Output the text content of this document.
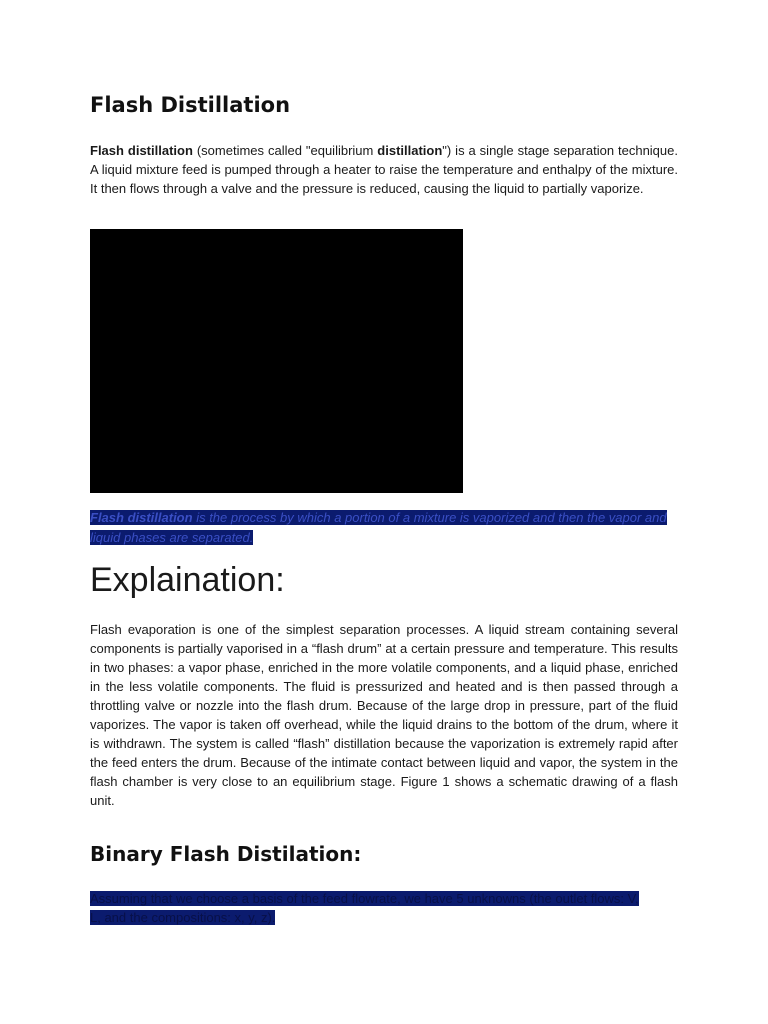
Flash Distillation

Flash distillation (sometimes called "equilibrium distillation") is a single stage separation technique. A liquid mixture feed is pumped through a heater to raise the temperature and enthalpy of the mixture. It then flows through a valve and the pressure is reduced, causing the liquid to partially vaporize.

Flash distillation is the process by which a portion of a mixture is vaporized and then the vapor and liquid phases are separated.

Explaination:

Flash evaporation is one of the simplest separation processes. A liquid stream containing several components is partially vaporised in a “flash drum” at a certain pressure and temperature. This results in two phases: a vapor phase, enriched in the more volatile components, and a liquid phase, enriched in the less volatile components. The fluid is pressurized and heated and is then passed through a throttling valve or nozzle into the flash drum. Because of the large drop in pressure, part of the fluid vaporizes. The vapor is taken off overhead, while the liquid drains to the bottom of the drum, where it is withdrawn. The system is called “flash” distillation because the vaporization is extremely rapid after the feed enters the drum. Because of the intimate contact between liquid and vapor, the system in the flash chamber is very close to an equilibrium stage. Figure 1 shows a schematic drawing of a flash unit.

Binary Flash Distilation:

Assuming that we choose a basis of the feed flowrate, we have 5 unknowns (the outlet flows: V, L, and the compositions: x, y, z).
